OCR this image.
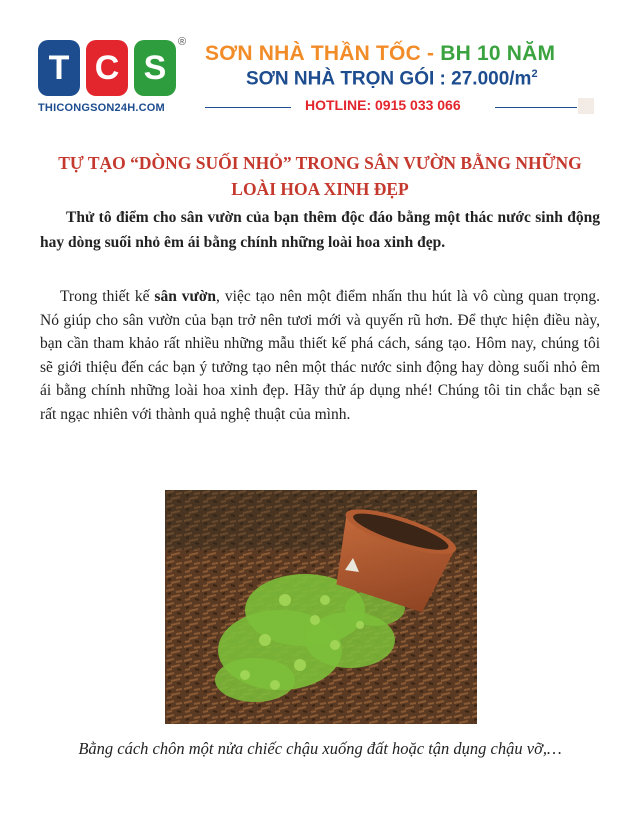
T C S
®
THICONGSON24H.COM
SƠN NHÀ THẦN TỐC - BH 10 NĂM
SƠN NHÀ TRỌN GÓI : $27.000/m^2$
HOTLINE: 0915 033 066
TỰ TẠO “DÒNG SUỐI NHỎ” TRONG SÂN VƯỜN BẰNG NHỮNG LOÀI HOA XINH ĐẸP

Thử tô điểm cho sân vườn của bạn thêm độc đáo bằng một thác nước sinh động hay dòng suối nhỏ êm ái bằng chính những loài hoa xinh đẹp.

Trong thiết kế sân vườn, việc tạo nên một điểm nhấn thu hút là vô cùng quan trọng. Nó giúp cho sân vườn của bạn trở nên tươi mới và quyến rũ hơn. Để thực hiện điều này, bạn cần tham khảo rất nhiều những mẫu thiết kế phá cách, sáng tạo. Hôm nay, chúng tôi sẽ giới thiệu đến các bạn ý tưởng tạo nên một thác nước sinh động hay dòng suối nhỏ êm ái bằng chính những loài hoa xinh đẹp. Hãy thử áp dụng nhé! Chúng tôi tin chắc bạn sẽ rất ngạc nhiên với thành quả nghệ thuật của mình.

Bằng cách chôn một nửa chiếc chậu xuống đất hoặc tận dụng chậu vỡ,…
